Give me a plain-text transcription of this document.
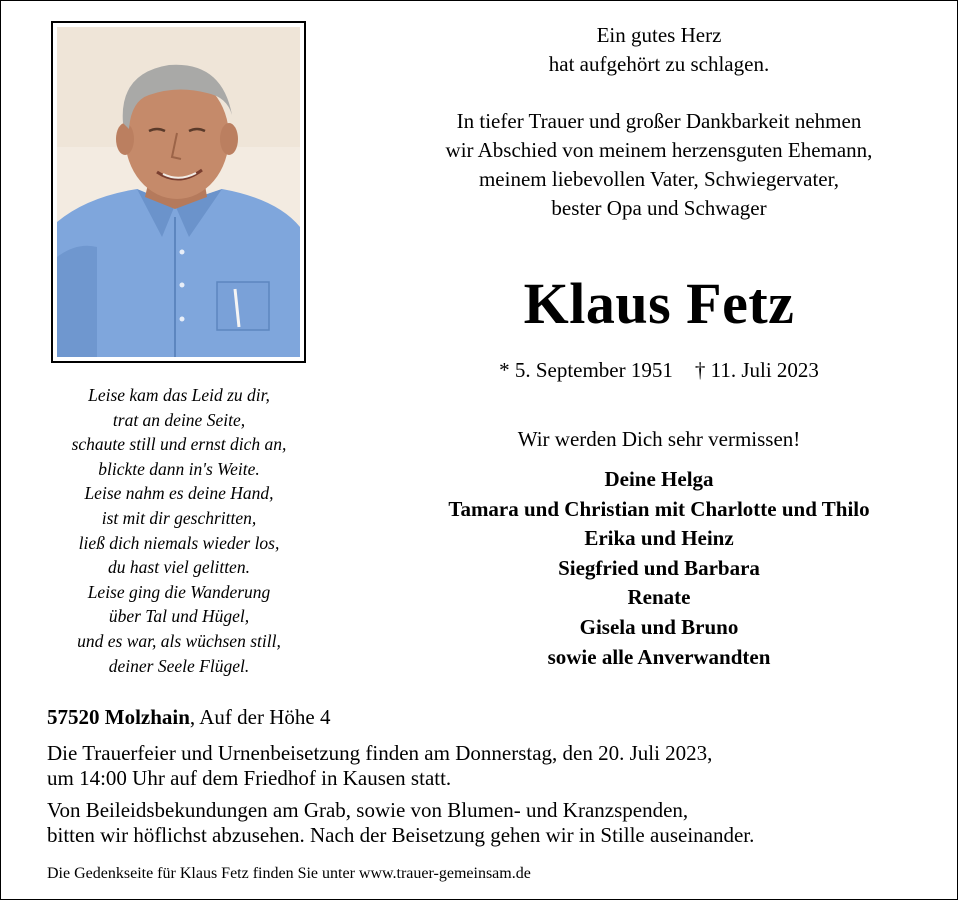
Leise kam das Leid zu dir,
trat an deine Seite,
schaute still und ernst dich an,
blickte dann in's Weite.
Leise nahm es deine Hand,
ist mit dir geschritten,
ließ dich niemals wieder los,
du hast viel gelitten.
Leise ging die Wanderung
über Tal und Hügel,
und es war, als wüchsen still,
deiner Seele Flügel.
Ein gutes Herz
hat aufgehört zu schlagen.
In tiefer Trauer und großer Dankbarkeit nehmen
wir Abschied von meinem herzensguten Ehemann,
meinem liebevollen Vater, Schwiegervater,
bester Opa und Schwager
Klaus Fetz
* 5. September 1951 † 11. Juli 2023
Wir werden Dich sehr vermissen!
Deine Helga
Tamara und Christian mit Charlotte und Thilo
Erika und Heinz
Siegfried und Barbara
Renate
Gisela und Bruno
sowie alle Anverwandten
57520 Molzhain, Auf der Höhe 4
Die Trauerfeier und Urnenbeisetzung finden am Donnerstag, den 20. Juli 2023,
um 14:00 Uhr auf dem Friedhof in Kausen statt.
Von Beileidsbekundungen am Grab, sowie von Blumen- und Kranzspenden,
bitten wir höflichst abzusehen. Nach der Beisetzung gehen wir in Stille auseinander.
Die Gedenkseite für Klaus Fetz finden Sie unter www.trauer-gemeinsam.de
